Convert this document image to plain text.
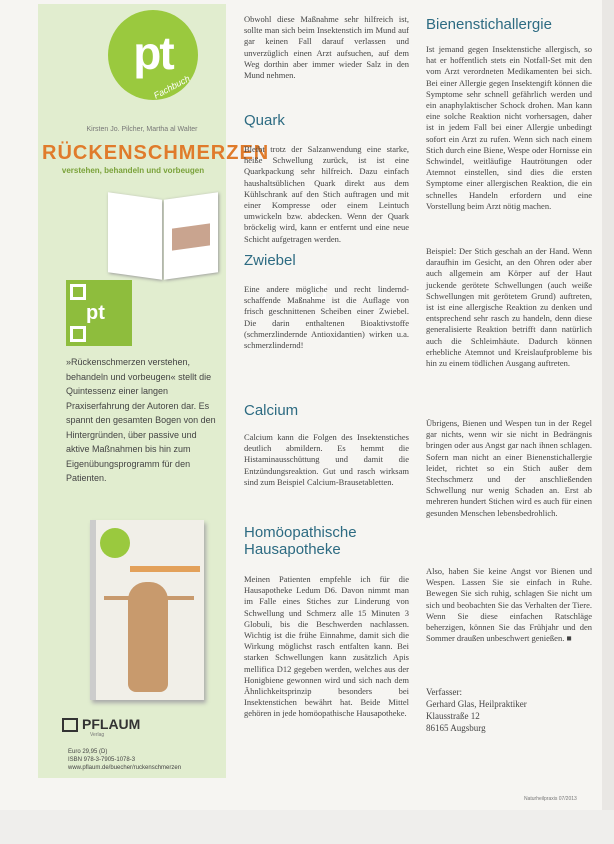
pt
Fachbuch
Kirsten Jo. Pilcher, Martha al Walter
RÜCKENSCHMERZEN
verstehen, behandeln und vorbeugen
pt
»Rückenschmerzen verstehen, behandeln und vorbeugen« stellt die Quintessenz einer langen Praxiserfahrung der Autoren dar. Es spannt den gesamten Bogen von den Hintergründen, über passive und aktive Maßnahmen bis hin zum Eigenübungsprogramm für den Patienten.
PFLAUM
Verlag
Euro 29,95 (D)
ISBN 978-3-7905-1078-3
www.pflaum.de/buecher/ruckenschmerzen

Obwohl diese Maßnahme sehr hilfreich ist, sollte man sich beim Insektenstich im Mund auf gar keinen Fall darauf verlassen und unverzüglich einen Arzt aufsuchen, auf dem Weg dorthin aber immer wieder Salz in den Mund nehmen.

Quark

Bleibt trotz der Salzanwendung eine starke, heiße Schwellung zurück, ist ist eine Quarkpackung sehr hilfreich. Dazu einfach haushaltsüblichen Quark direkt aus dem Kühlschrank auf den Stich auftragen und mit einer Kompresse oder einem Leintuch umwickeln bzw. abdecken. Wenn der Quark bröckelig wird, kann er entfernt und eine neue Schicht aufgetragen werden.

Zwiebel

Eine andere mögliche und recht lindernd-schaffende Maßnahme ist die Auflage von frisch geschnittenen Scheiben einer Zwiebel. Die darin enthaltenen Bioaktivstoffe (schmerzlindernde Antioxidantien) wirken u.a. schmerzlindernd!

Calcium

Calcium kann die Folgen des Insektenstiches deutlich abmildern. Es hemmt die Histaminausschüttung und damit die Entzündungsreaktion. Gut und rasch wirksam sind zum Beispiel Calcium-Brausetabletten.

Homöopathische Hausapotheke

Meinen Patienten empfehle ich für die Hausapotheke Ledum D6. Davon nimmt man im Falle eines Stiches zur Linderung von Schwellung und Schmerz alle 15 Minuten 3 Globuli, bis die Beschwerden nachlassen. Wichtig ist die frühe Einnahme, damit sich die Wirkung möglichst rasch entfalten kann. Bei starken Schwellungen kann zusätzlich Apis mellifica D12 gegeben werden, welches aus der Honigbiene gewonnen wird und sich nach dem Ähnlichkeitsprinzip besonders bei Insektenstichen bewährt hat. Beide Mittel gehören in jede homöopathische Hausapotheke.

Bienenstichallergie

Ist jemand gegen Insektenstiche allergisch, so hat er hoffentlich stets ein Notfall-Set mit den vom Arzt verordneten Medikamenten bei sich. Bei einer Allergie gegen Insektengift können die Symptome sehr schnell gefährlich werden und ein anaphylaktischer Schock drohen. Man kann eine solche Reaktion nicht vorhersagen, daher ist in jedem Fall bei einer Allergie unbedingt sofort ein Arzt zu rufen. Wenn sich nach einem Stich durch eine Biene, Wespe oder Hornisse ein Schwindel, weitläufige Hautrötungen oder Atemnot einstellen, sind dies die ersten Symptome einer allergischen Reaktion, die ein schnelles Handeln erfordern und eine Vorstellung beim Arzt nötig machen.

Beispiel: Der Stich geschah an der Hand. Wenn daraufhin im Gesicht, an den Ohren oder aber auch allgemein am Körper auf der Haut juckende gerötete Schwellungen (auch weiße Schwellungen mit gerötetem Grund) auftreten, ist ist eine allergische Reaktion zu denken und entsprechend sehr rasch zu handeln, denn diese generalisierte Reaktion betrifft dann natürlich auch die Schleimhäute. Dadurch können erhebliche Atemnot und Kreislaufprobleme bis hin zu einem tödlichen Ausgang auftreten.

Übrigens, Bienen und Wespen tun in der Regel gar nichts, wenn wir sie nicht in Bedrängnis bringen oder aus Angst gar nach ihnen schlagen. Sofern man nicht an einer Bienenstichallergie leidet, richtet so ein Stich außer dem Stechschmerz und der anschließenden Schwellung nur wenig Schaden an. Erst ab mehreren hundert Stichen wird es auch für einen gesunden Menschen lebensbedrohlich.

Also, haben Sie keine Angst vor Bienen und Wespen. Lassen Sie sie einfach in Ruhe. Bewegen Sie sich ruhig, schlagen Sie nicht um sich und beobachten Sie das Verhalten der Tiere. Wenn Sie diese einfachen Ratschläge beherzigen, können Sie das Frühjahr und den Sommer draußen unbeschwert genießen. ■

Verfasser:
Gerhard Glas, Heilpraktiker
Klausstraße 12
86165 Augsburg
Naturheilpraxis 07/2013
